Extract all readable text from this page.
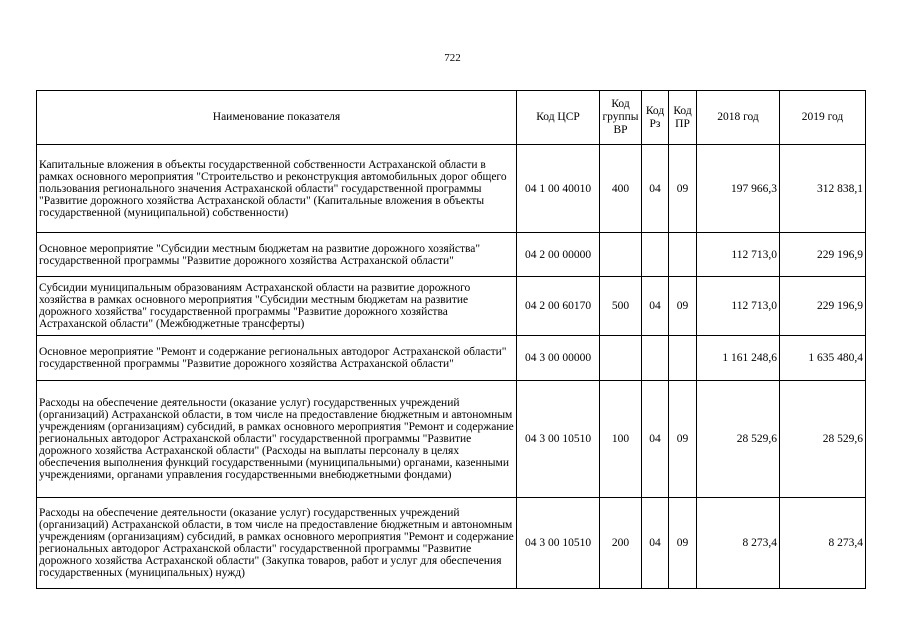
722
Наименование показателя	Код ЦСР	Код группы ВР	Код Рз	Код ПР	2018 год	2019 год
Капитальные вложения в объекты государственной собственности Астраханской области в рамках основного мероприятия "Строительство и реконструкция автомобильных дорог общего пользования регионального значения Астраханской области" государственной программы "Развитие дорожного хозяйства Астраханской области" (Капитальные вложения в объекты государственной (муниципальной) собственности)	04 1 00 40010	400	04	09	197 966,3	312 838,1
Основное мероприятие "Субсидии местным бюджетам на развитие дорожного хозяйства" государственной программы "Развитие дорожного хозяйства Астраханской области"	04 2 00 00000				112 713,0	229 196,9
Субсидии муниципальным образованиям Астраханской области на развитие дорожного хозяйства в рамках основного мероприятия "Субсидии местным бюджетам на развитие дорожного хозяйства" государственной программы "Развитие дорожного хозяйства Астраханской области" (Межбюджетные трансферты)	04 2 00 60170	500	04	09	112 713,0	229 196,9
Основное мероприятие "Ремонт и содержание региональных автодорог Астраханской области" государственной программы "Развитие дорожного хозяйства Астраханской области"	04 3 00 00000				1 161 248,6	1 635 480,4
Расходы на обеспечение деятельности (оказание услуг) государственных учреждений (организаций) Астраханской области, в том числе на предоставление бюджетным и автономным учреждениям (организациям) субсидий, в рамках основного мероприятия "Ремонт и содержание региональных автодорог Астраханской области" государственной программы "Развитие дорожного хозяйства Астраханской области" (Расходы на выплаты персоналу в целях обеспечения выполнения функций государственными (муниципальными) органами, казенными учреждениями, органами управления государственными внебюджетными фондами)	04 3 00 10510	100	04	09	28 529,6	28 529,6
Расходы на обеспечение деятельности (оказание услуг) государственных учреждений (организаций) Астраханской области, в том числе на предоставление бюджетным и автономным учреждениям (организациям) субсидий, в рамках основного мероприятия "Ремонт и содержание региональных автодорог Астраханской области" государственной программы "Развитие дорожного хозяйства Астраханской области" (Закупка товаров, работ и услуг для обеспечения государственных (муниципальных) нужд)	04 3 00 10510	200	04	09	8 273,4	8 273,4
